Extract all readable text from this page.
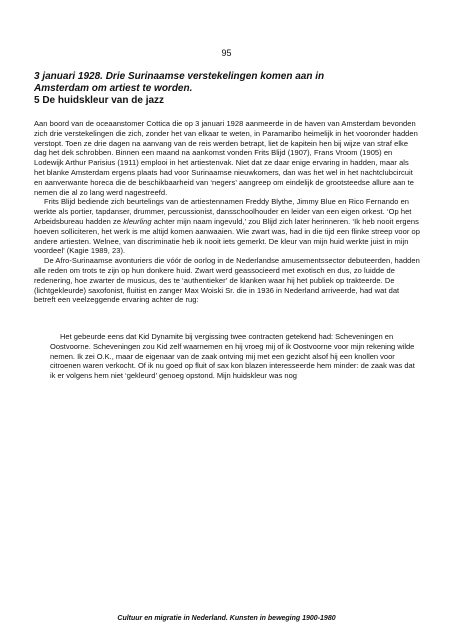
95
3 januari 1928. Drie Surinaamse verstekelingen komen aan in
Amsterdam om artiest te worden.
5 De huidskleur van de jazz

Aan boord van de oceaanstomer Cottica die op 3 januari 1928 aanmeerde in de haven van Amsterdam bevonden zich drie verstekelingen die zich, zonder het van elkaar te weten, in Paramaribo heimelijk in het vooronder hadden verstopt. Toen ze drie dagen na aanvang van de reis werden betrapt, liet de kapitein hen bij wijze van straf elke dag het dek schrobben. Binnen een maand na aankomst vonden Frits Blijd (1907), Frans Vroom (1905) en Lodewijk Arthur Parisius (1911) emplooi in het artiestenvak. Niet dat ze daar enige ervaring in hadden, maar als het blanke Amsterdam ergens plaats had voor Surinaamse nieuwkomers, dan was het wel in het nachtclubcircuit en aanverwante horeca die de beschikbaarheid van ‘negers’ aangreep om eindelijk de grootsteedse allure aan te nemen die al zo lang werd nagestreefd.

Frits Blijd bediende zich beurtelings van de artiestennamen Freddy Blythe, Jimmy Blue en Rico Fernando en werkte als portier, tapdanser, drummer, percussionist, dansschoolhouder en leider van een eigen orkest. ‘Op het Arbeidsbureau hadden ze kleurling achter mijn naam ingevuld,’ zou Blijd zich later herinneren. ‘Ik heb nooit ergens hoeven solliciteren, het werk is me altijd komen aanwaaien. Wie zwart was, had in die tijd een flinke streep voor op andere artiesten. Welnee, van discriminatie heb ik nooit iets gemerkt. De kleur van mijn huid werkte juist in mijn voordeel’ (Kagie 1989, 23).

De Afro-Surinaamse avonturiers die vóór de oorlog in de Nederlandse amusementssector debuteerden, hadden alle reden om trots te zijn op hun donkere huid. Zwart werd geassocieerd met exotisch en dus, zo luidde de redenering, hoe zwarter de musicus, des te ‘authentieker’ de klanken waar hij het publiek op trakteerde. De (lichtgekleurde) saxofonist, fluitist en zanger Max Woiski Sr. die in 1936 in Nederland arriveerde, had wat dat betreft een veelzeggende ervaring achter de rug:

Het gebeurde eens dat Kid Dynamite bij vergissing twee contracten getekend had: Scheveningen en Oostvoorne. Scheveningen zou Kid zelf waarnemen en hij vroeg mij of ik Oostvoorne voor mijn rekening wilde nemen. Ik zei O.K., maar de eigenaar van de zaak ontving mij met een gezicht alsof hij een knollen voor citroenen waren verkocht. Of ik nu goed op fluit of sax kon blazen interesseerde hem minder: de zaak was dat ik er volgens hem niet ‘gekleurd’ genoeg opstond. Mijn huidskleur was nog

Cultuur en migratie in Nederland. Kunsten in beweging 1900-1980
